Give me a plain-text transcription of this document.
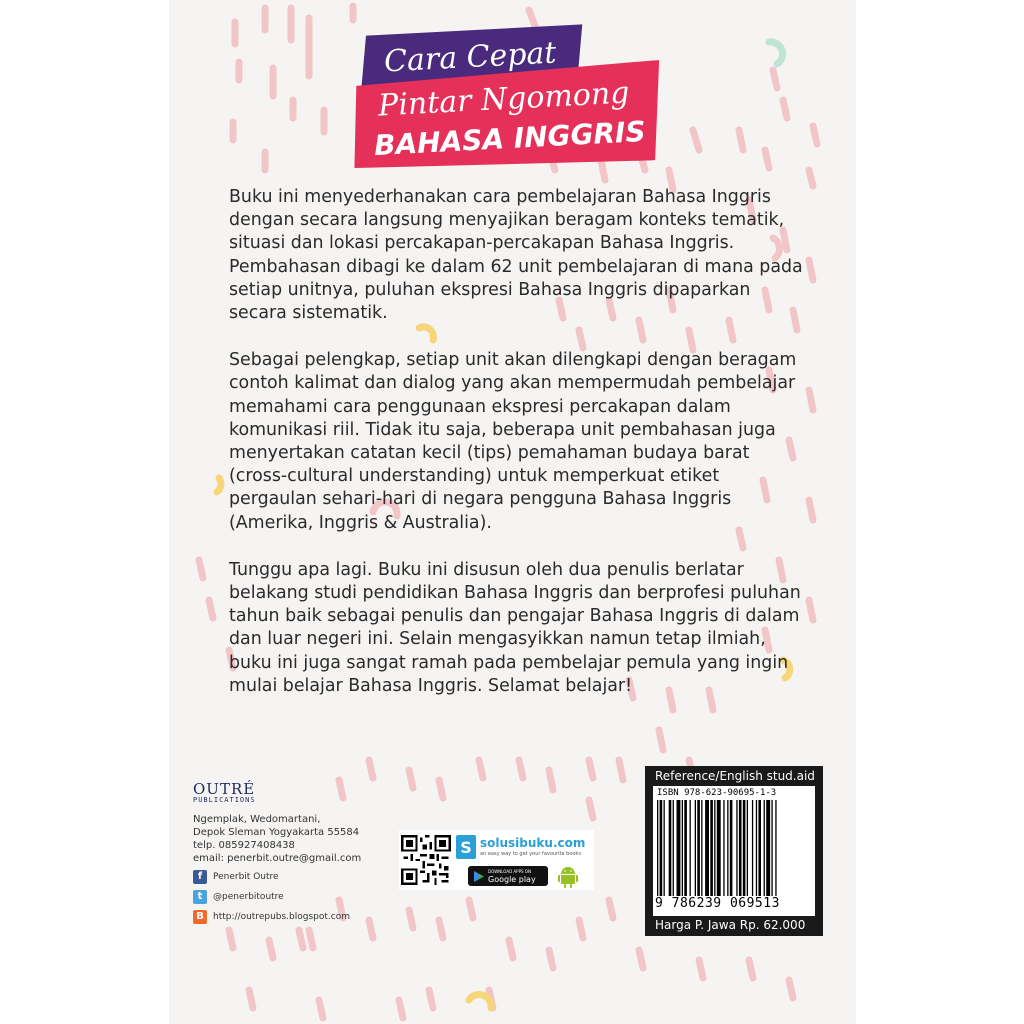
Cara Cepat
Pintar Ngomong
BAHASA INGGRIS

Buku ini menyederhanakan cara pembelajaran Bahasa Inggris dengan secara langsung menyajikan beragam konteks tematik, situasi dan lokasi percakapan-percakapan Bahasa Inggris. Pembahasan dibagi ke dalam 62 unit pembelajaran di mana pada setiap unitnya, puluhan ekspresi Bahasa Inggris dipaparkan secara sistematik.

Sebagai pelengkap, setiap unit akan dilengkapi dengan beragam contoh kalimat dan dialog yang akan mempermudah pembelajar memahami cara penggunaan ekspresi percakapan dalam komunikasi riil. Tidak itu saja, beberapa unit pembahasan juga menyertakan catatan kecil (tips) pemahaman budaya barat (cross-cultural understanding) untuk memperkuat etiket pergaulan sehari-hari di negara pengguna Bahasa Inggris (Amerika, Inggris & Australia).

Tunggu apa lagi. Buku ini disusun oleh dua penulis berlatar belakang studi pendidikan Bahasa Inggris dan berprofesi puluhan tahun baik sebagai penulis dan pengajar Bahasa Inggris di dalam dan luar negeri ini. Selain mengasyikkan namun tetap ilmiah, buku ini juga sangat ramah pada pembelajar pemula yang ingin mulai belajar Bahasa Inggris. Selamat belajar!

OUTRÉ
PUBLICATIONS
Ngemplak, Wedomartani,
Depok Sleman Yogyakarta 55584
telp. 085927408438
email: penerbit.outre@gmail.com
f	Penerbit Outre
t	@penerbitoutre
B	http://outrepubs.blogspot.com
S solusibuku.com
an easy way to get your favourite books
DOWNLOAD APPS ON
Google play
Reference/English stud.aid
ISBN 978-623-90695-1-3
9 786239 069513
Harga P. Jawa Rp. 62.000
